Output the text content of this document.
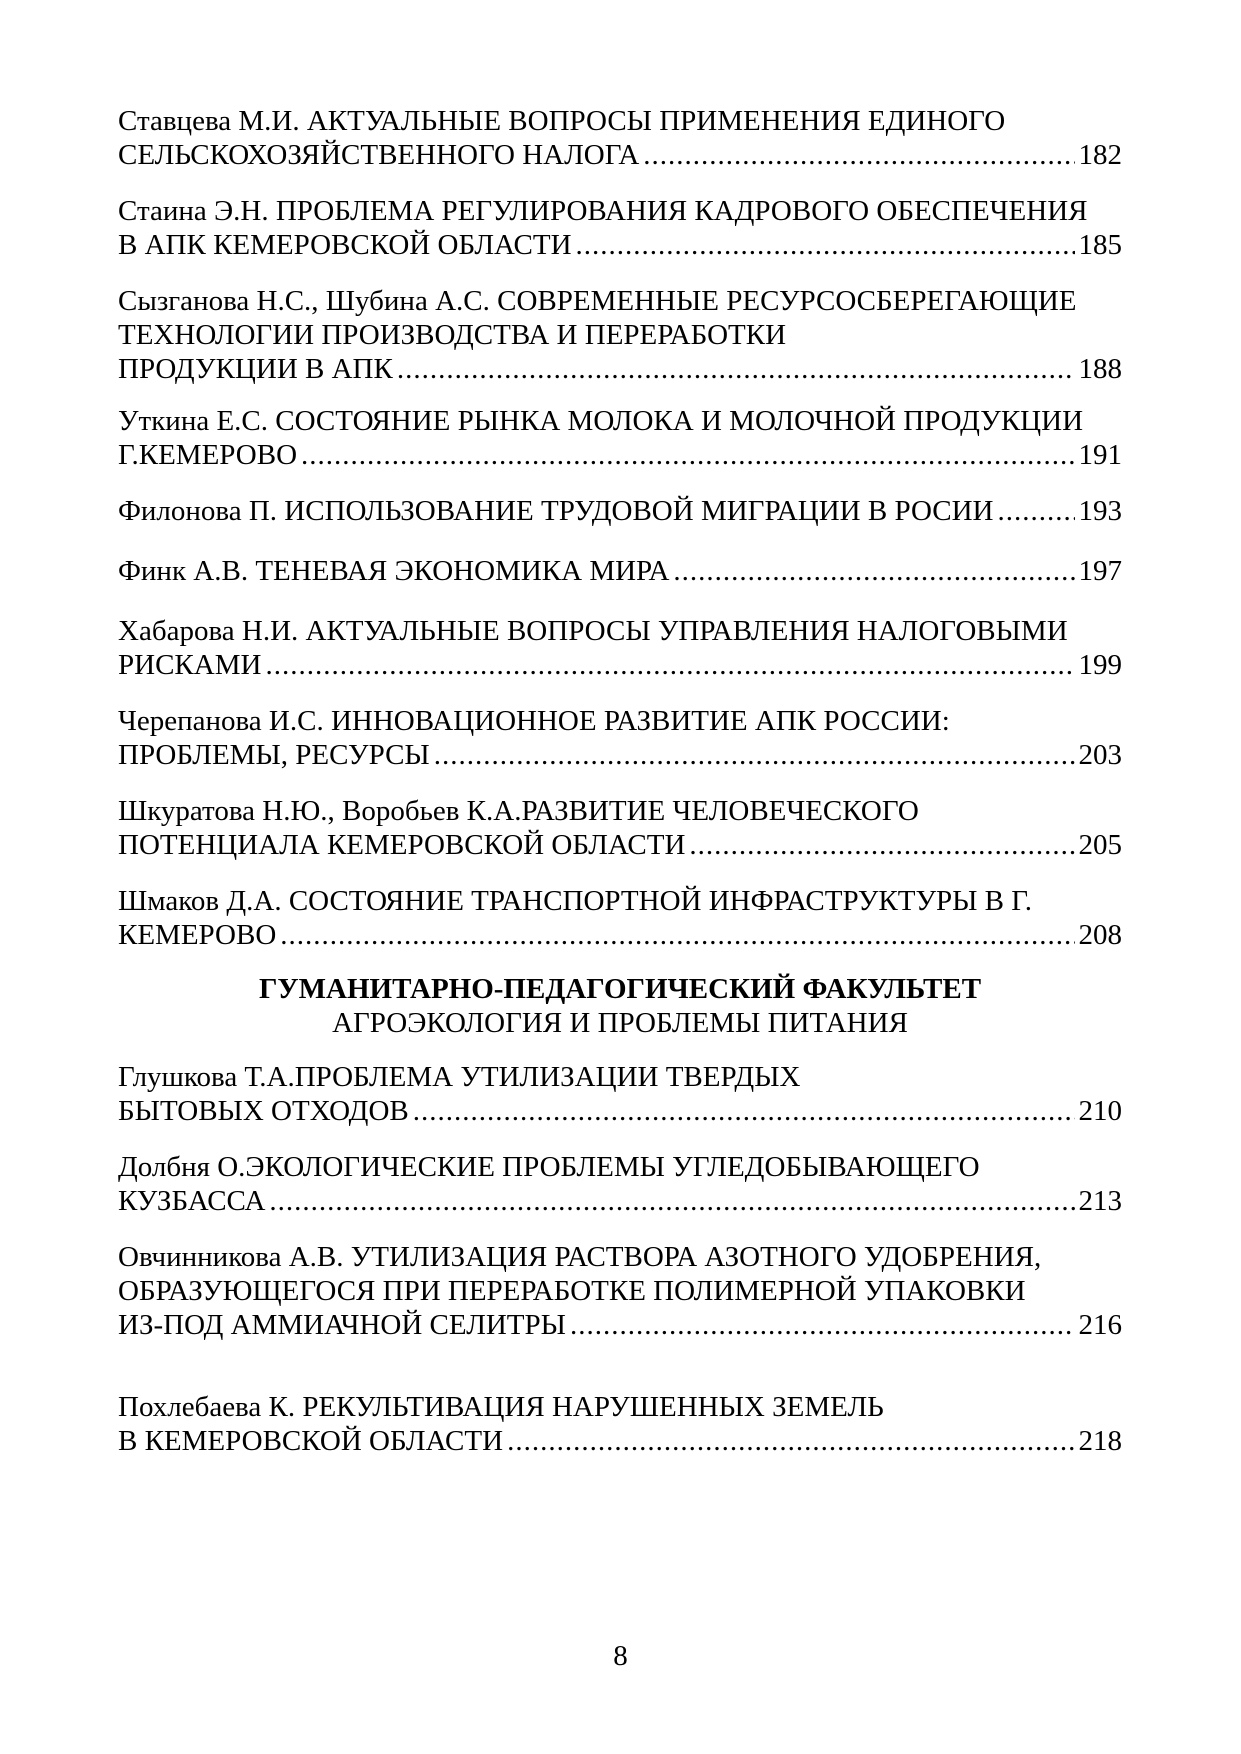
Ставцева М.И. АКТУАЛЬНЫЕ ВОПРОСЫ ПРИМЕНЕНИЯ ЕДИНОГО
СЕЛЬСКОХОЗЯЙСТВЕННОГО НАЛОГА .....	182
Стаина Э.Н. ПРОБЛЕМА РЕГУЛИРОВАНИЯ КАДРОВОГО ОБЕСПЕЧЕНИЯ
В АПК КЕМЕРОВСКОЙ ОБЛАСТИ .....	185
Сызганова Н.С., Шубина А.С. СОВРЕМЕННЫЕ РЕСУРСОСБЕРЕГАЮЩИЕ
ТЕХНОЛОГИИ ПРОИЗВОДСТВА И ПЕРЕРАБОТКИ
ПРОДУКЦИИ В АПК .....	188
Уткина Е.С. СОСТОЯНИЕ РЫНКА МОЛОКА И МОЛОЧНОЙ ПРОДУКЦИИ
Г.КЕМЕРОВО .....	191
Филонова П. ИСПОЛЬЗОВАНИЕ ТРУДОВОЙ МИГРАЦИИ В РОСИИ .....	193
Финк А.В. ТЕНЕВАЯ ЭКОНОМИКА МИРА .....	197
Хабарова Н.И. АКТУАЛЬНЫЕ ВОПРОСЫ УПРАВЛЕНИЯ НАЛОГОВЫМИ
РИСКАМИ .....	199
Черепанова И.С. ИННОВАЦИОННОЕ РАЗВИТИЕ АПК РОССИИ:
ПРОБЛЕМЫ, РЕСУРСЫ .....	203
Шкуратова Н.Ю., Воробьев К.А.РАЗВИТИЕ ЧЕЛОВЕЧЕСКОГО
ПОТЕНЦИАЛА КЕМЕРОВСКОЙ ОБЛАСТИ .....	205
Шмаков Д.А. СОСТОЯНИЕ ТРАНСПОРТНОЙ ИНФРАСТРУКТУРЫ В Г.
КЕМЕРОВО .....	208
ГУМАНИТАРНО-ПЕДАГОГИЧЕСКИЙ ФАКУЛЬТЕТ
АГРОЭКОЛОГИЯ И ПРОБЛЕМЫ ПИТАНИЯ
Глушкова Т.А.ПРОБЛЕМА УТИЛИЗАЦИИ ТВЕРДЫХ
БЫТОВЫХ ОТХОДОВ .....	210
Долбня О.ЭКОЛОГИЧЕСКИЕ ПРОБЛЕМЫ УГЛЕДОБЫВАЮЩЕГО
КУЗБАССА .....	213
Овчинникова А.В. УТИЛИЗАЦИЯ РАСТВОРА АЗОТНОГО УДОБРЕНИЯ,
ОБРАЗУЮЩЕГОСЯ ПРИ ПЕРЕРАБОТКЕ ПОЛИМЕРНОЙ УПАКОВКИ
ИЗ-ПОД АММИАЧНОЙ СЕЛИТРЫ .....	216
Похлебаева К. РЕКУЛЬТИВАЦИЯ НАРУШЕННЫХ ЗЕМЕЛЬ
В КЕМЕРОВСКОЙ ОБЛАСТИ .....	218
8
